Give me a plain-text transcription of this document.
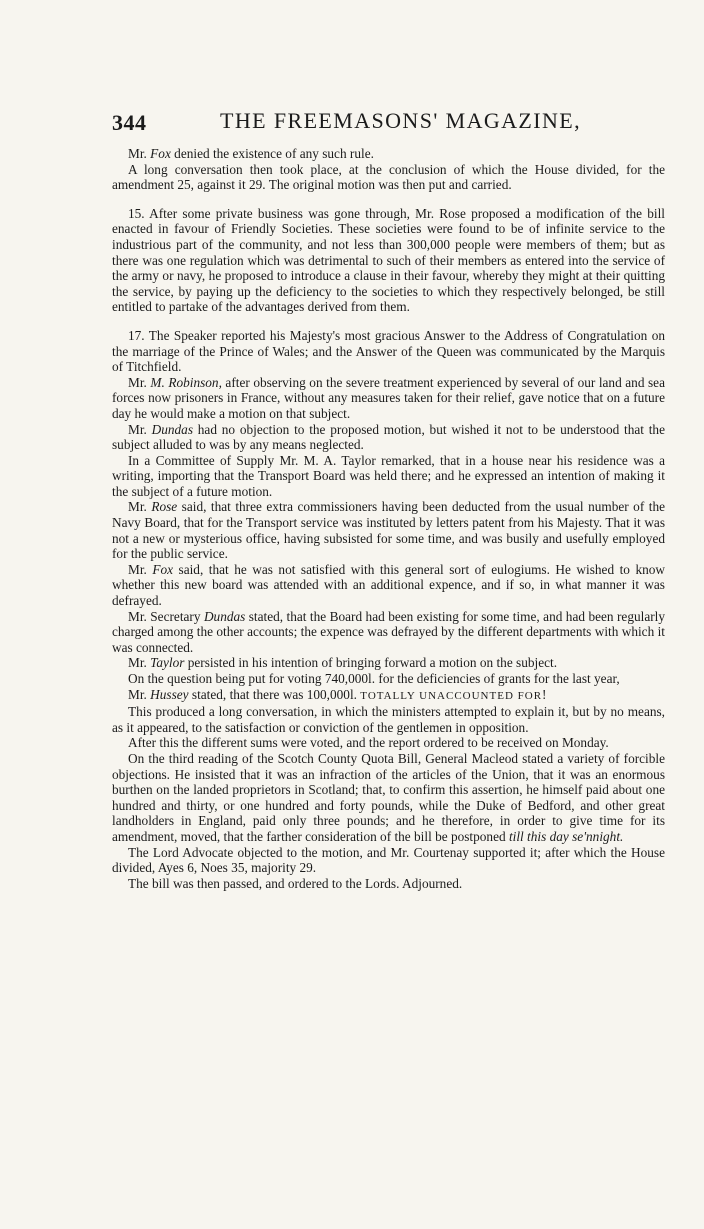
344	THE FREEMASONS' MAGAZINE,

Mr. Fox denied the existence of any such rule.

A long conversation then took place, at the conclusion of which the House divided, for the amendment 25, against it 29. The original motion was then put and carried.

15. After some private business was gone through, Mr. Rose proposed a modification of the bill enacted in favour of Friendly Societies. These societies were found to be of infinite service to the industrious part of the community, and not less than 300,000 people were members of them; but as there was one regulation which was detrimental to such of their members as entered into the service of the army or navy, he proposed to introduce a clause in their favour, whereby they might at their quitting the service, by paying up the deficiency to the societies to which they respectively belonged, be still entitled to partake of the advantages derived from them.

17. The Speaker reported his Majesty's most gracious Answer to the Address of Congratulation on the marriage of the Prince of Wales; and the Answer of the Queen was communicated by the Marquis of Titchfield.

Mr. M. Robinson, after observing on the severe treatment experienced by several of our land and sea forces now prisoners in France, without any measures taken for their relief, gave notice that on a future day he would make a motion on that subject.

Mr. Dundas had no objection to the proposed motion, but wished it not to be understood that the subject alluded to was by any means neglected.

In a Committee of Supply Mr. M. A. Taylor remarked, that in a house near his residence was a writing, importing that the Transport Board was held there; and he expressed an intention of making it the subject of a future motion.

Mr. Rose said, that three extra commissioners having been deducted from the usual number of the Navy Board, that for the Transport service was instituted by letters patent from his Majesty. That it was not a new or mysterious office, having subsisted for some time, and was busily and usefully employed for the public service.

Mr. Fox said, that he was not satisfied with this general sort of eulogiums. He wished to know whether this new board was attended with an additional expence, and if so, in what manner it was defrayed.

Mr. Secretary Dundas stated, that the Board had been existing for some time, and had been regularly charged among the other accounts; the expence was defrayed by the different departments with which it was connected.

Mr. Taylor persisted in his intention of bringing forward a motion on the subject.

On the question being put for voting 740,000l. for the deficiencies of grants for the last year,

Mr. Hussey stated, that there was 100,000l. TOTALLY UNACCOUNTED FOR!

This produced a long conversation, in which the ministers attempted to explain it, but by no means, as it appeared, to the satisfaction or conviction of the gentlemen in opposition.

After this the different sums were voted, and the report ordered to be received on Monday.

On the third reading of the Scotch County Quota Bill, General Macleod stated a variety of forcible objections. He insisted that it was an infraction of the articles of the Union, that it was an enormous burthen on the landed proprietors in Scotland; that, to confirm this assertion, he himself paid about one hundred and thirty, or one hundred and forty pounds, while the Duke of Bedford, and other great landholders in England, paid only three pounds; and he therefore, in order to give time for its amendment, moved, that the farther consideration of the bill be postponed till this day se'nnight.

The Lord Advocate objected to the motion, and Mr. Courtenay supported it; after which the House divided, Ayes 6, Noes 35, majority 29.

The bill was then passed, and ordered to the Lords. Adjourned.
